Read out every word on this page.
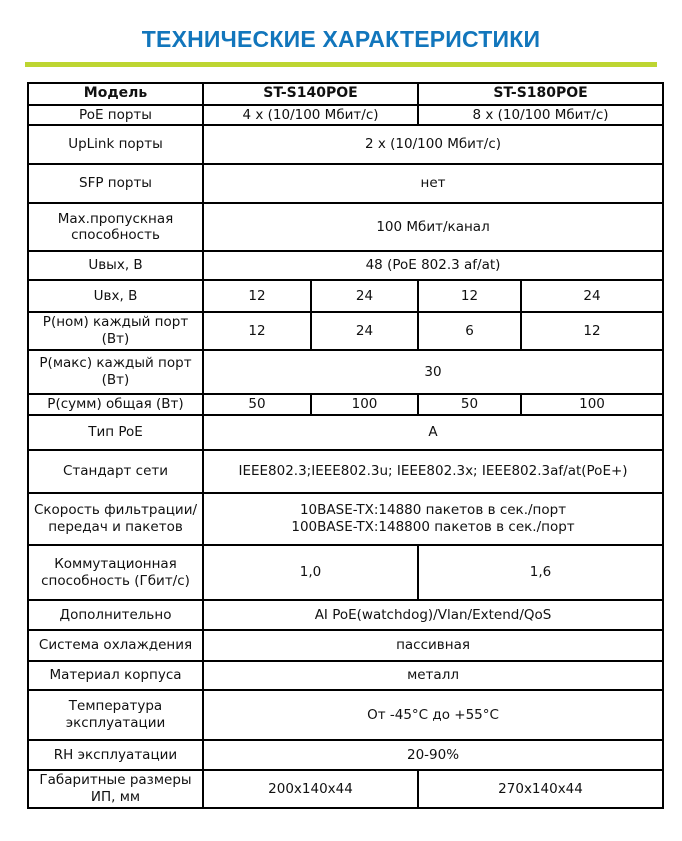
ТЕХНИЧЕСКИЕ ХАРАКТЕРИСТИКИ
Модель	ST-S140POE		ST-S180POE	
PoE порты	4 х (10/100 Мбит/с)		8 х (10/100 Мбит/с)	
UpLink порты	2 х (10/100 Мбит/с)			
SFP порты	нет			
Мах.пропускная способность	100 Мбит/канал			
Uвых, В	48 (PoE 802.3 af/at)			
Uвх, В	12	24	12	24
Р(ном) каждый порт (Вт)	12	24	6	12
Р(макс) каждый порт (Вт)	30			
Р(сумм) общая (Вт)	50	100	50	100
Тип PoE	А			
Стандарт сети	IEEE802.3;IEEE802.3u; IEEE802.3x; IEEE802.3af/at(PoE+)			
Скорость фильтрации/передач и пакетов	10BASE-TX:14880 пакетов в сек./порт
100BASE-TX:148800 пакетов в сек./порт			

Коммутационная способность (Гбит/с)	1,0		1,6	
Дополнительно	AI PoE(watchdog)/Vlan/Extend/QoS			
Система охлаждения	пассивная			
Материал корпуса	металл			
Температура эксплуатации	От -45°С до +55°С			
RH эксплуатации	20-90%			
Габаритные размеры ИП, мм	200х140х44		270х140х44	
